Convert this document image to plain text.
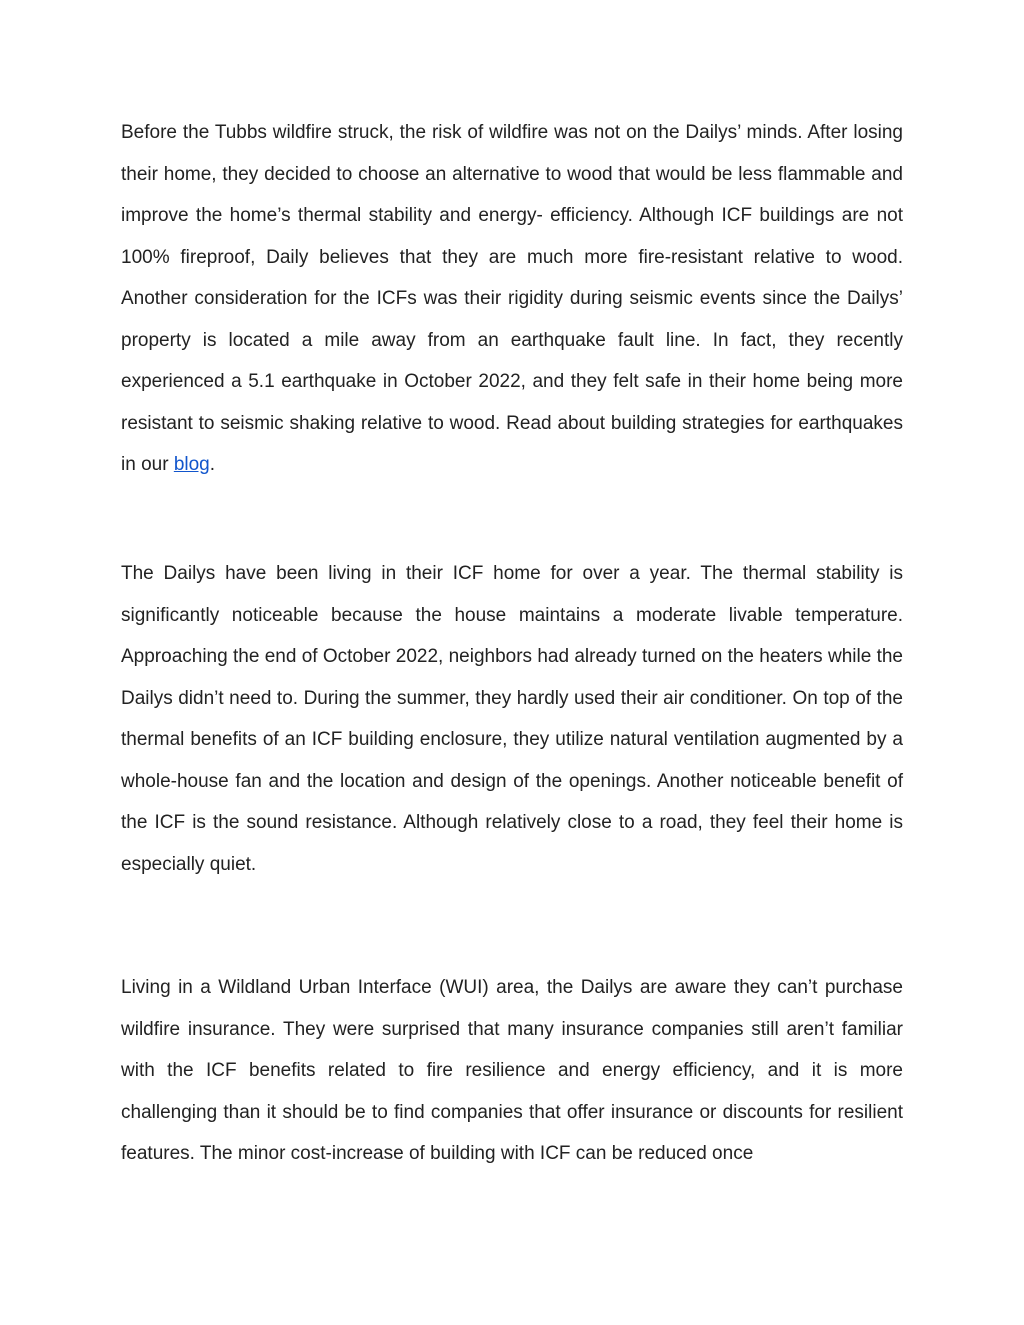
Before the Tubbs wildfire struck, the risk of wildfire was not on the Dailys’ minds. After losing their home, they decided to choose an alternative to wood that would be less flammable and improve the home’s thermal stability and energy- efficiency. Although ICF buildings are not 100% fireproof, Daily believes that they are much more fire-resistant relative to wood. Another consideration for the ICFs was their rigidity during seismic events since the Dailys’ property is located a mile away from an earthquake fault line. In fact, they recently experienced a 5.1 earthquake in October 2022, and they felt safe in their home being more resistant to seismic shaking relative to wood. Read about building strategies for earthquakes in our blog.

The Dailys have been living in their ICF home for over a year. The thermal stability is significantly noticeable because the house maintains a moderate livable temperature. Approaching the end of October 2022, neighbors had already turned on the heaters while the Dailys didn’t need to. During the summer, they hardly used their air conditioner. On top of the thermal benefits of an ICF building enclosure, they utilize natural ventilation augmented by a whole-house fan and the location and design of the openings. Another noticeable benefit of the ICF is the sound resistance. Although relatively close to a road, they feel their home is especially quiet.

Living in a Wildland Urban Interface (WUI) area, the Dailys are aware they can’t purchase wildfire insurance. They were surprised that many insurance companies still aren’t familiar with the ICF benefits related to fire resilience and energy efficiency, and it is more challenging than it should be to find companies that offer insurance or discounts for resilient features. The minor cost-increase of building with ICF can be reduced once
